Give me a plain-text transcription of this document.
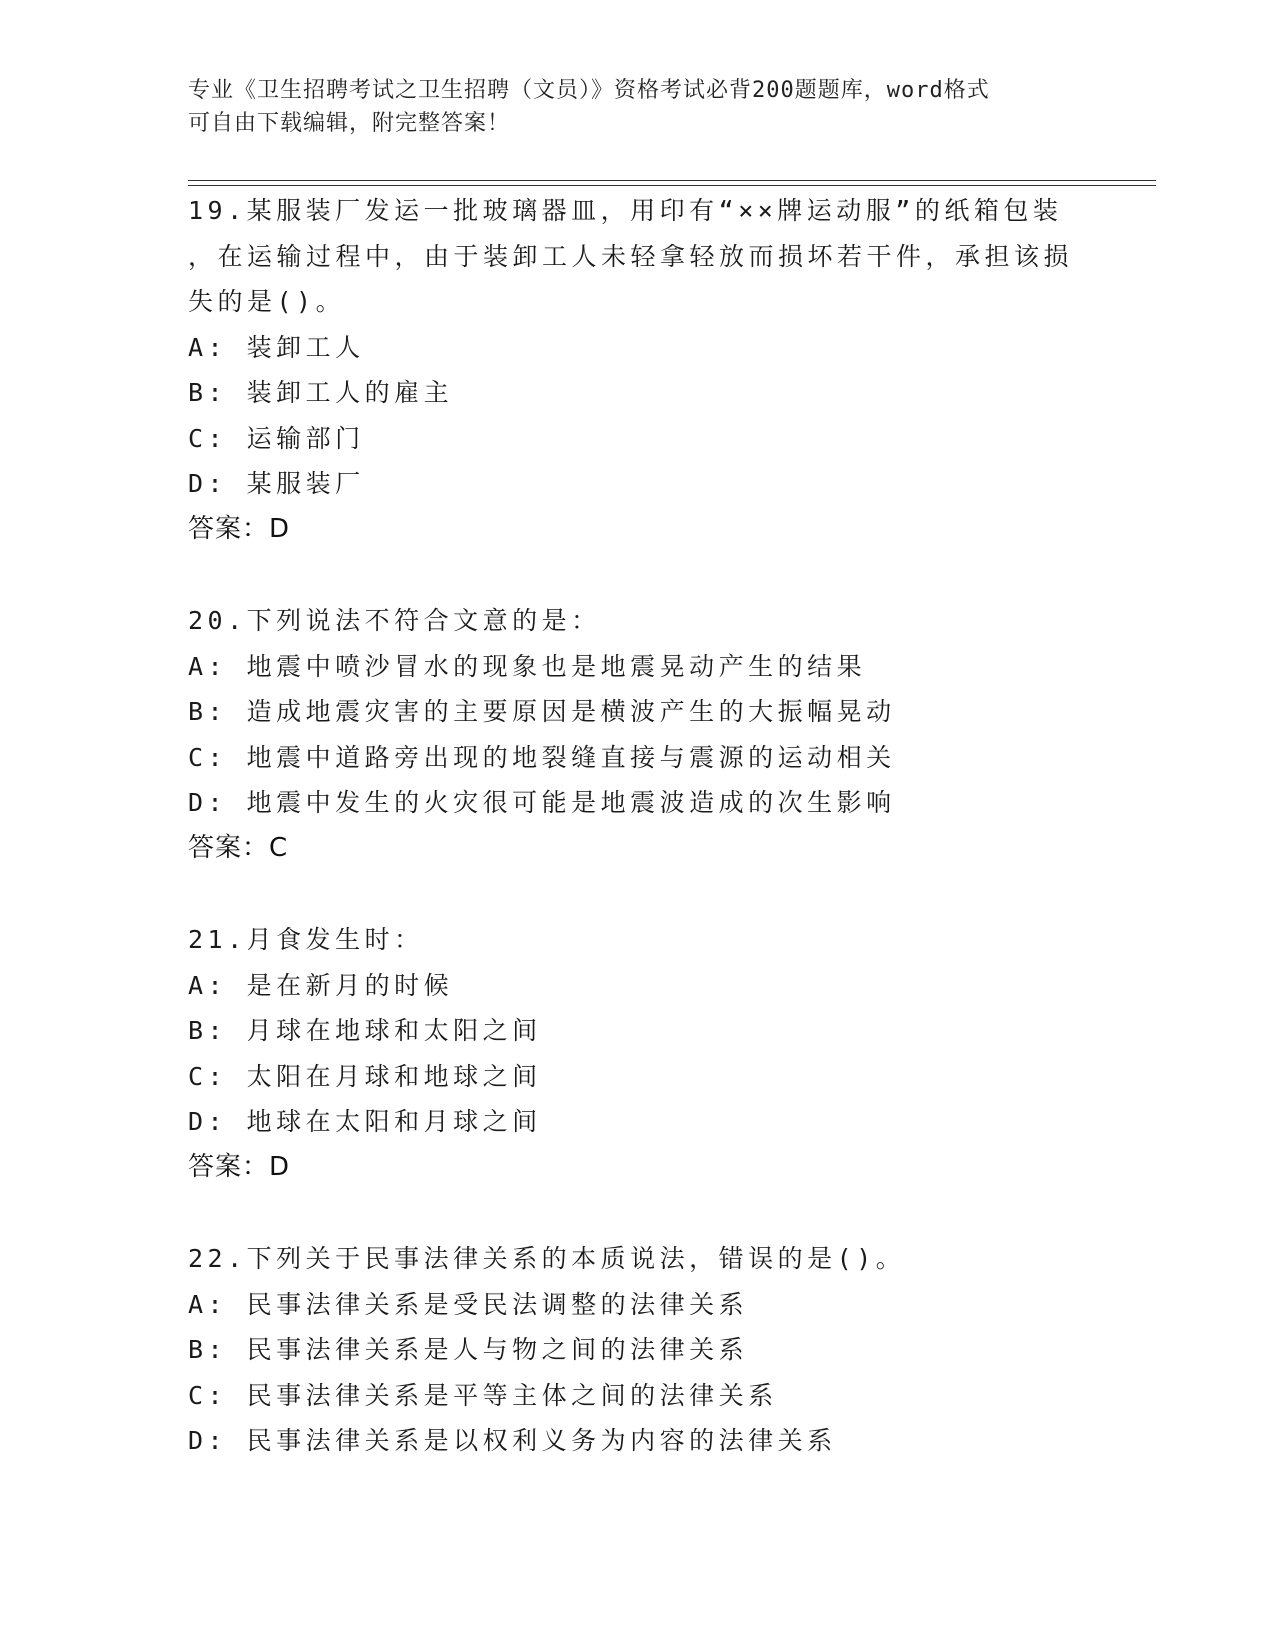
专业《卫生招聘考试之卫生招聘（文员）》资格考试必背200题题库，word格式
可自由下载编辑，附完整答案！
19.某服装厂发运一批玻璃器皿，用印有“××牌运动服”的纸箱包装
，在运输过程中，由于装卸工人未轻拿轻放而损坏若干件，承担该损
失的是()。
A: 装卸工人
B: 装卸工人的雇主
C: 运输部门
D: 某服装厂
答案：D
20.下列说法不符合文意的是：
A: 地震中喷沙冒水的现象也是地震晃动产生的结果
B: 造成地震灾害的主要原因是横波产生的大振幅晃动
C: 地震中道路旁出现的地裂缝直接与震源的运动相关
D: 地震中发生的火灾很可能是地震波造成的次生影响
答案：C
21.月食发生时：
A: 是在新月的时候
B: 月球在地球和太阳之间
C: 太阳在月球和地球之间
D: 地球在太阳和月球之间
答案：D
22.下列关于民事法律关系的本质说法，错误的是()。
A: 民事法律关系是受民法调整的法律关系
B: 民事法律关系是人与物之间的法律关系
C: 民事法律关系是平等主体之间的法律关系
D: 民事法律关系是以权利义务为内容的法律关系
